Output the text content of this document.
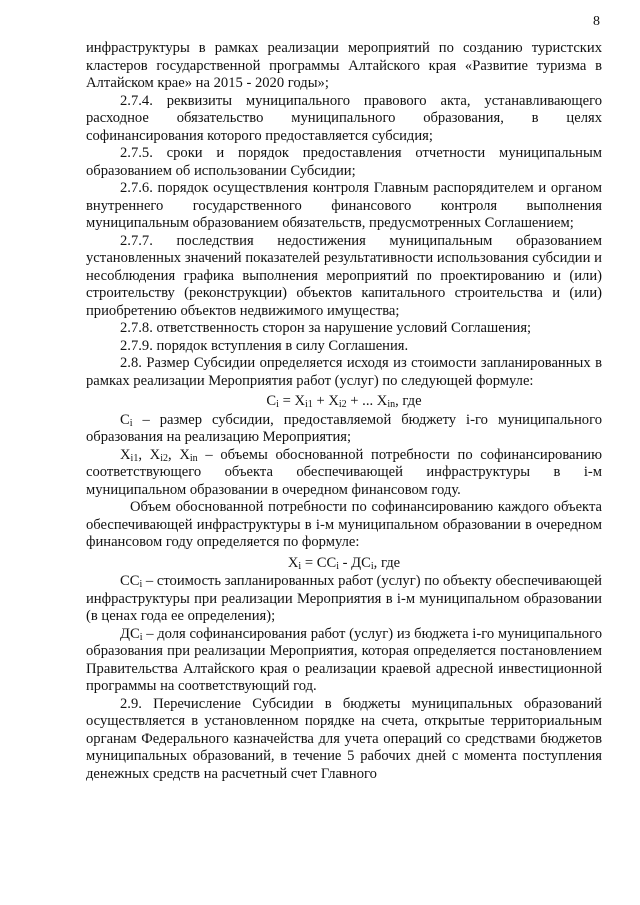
8

инфраструктуры в рамках реализации мероприятий по созданию туристских кластеров государственной программы Алтайского края «Развитие туризма в Алтайском крае» на 2015 - 2020 годы»;

2.7.4. реквизиты муниципального правового акта, устанавливающего расходное обязательство муниципального образования, в целях софинансирования которого предоставляется субсидия;

2.7.5. сроки и порядок предоставления отчетности муниципальным образованием об использовании Субсидии;

2.7.6. порядок осуществления контроля Главным распорядителем и органом внутреннего государственного финансового контроля выполнения муниципальным образованием обязательств, предусмотренных Соглашением;

2.7.7. последствия недостижения муниципальным образованием установленных значений показателей результативности использования субсидии и несоблюдения графика выполнения мероприятий по проектированию и (или) строительству (реконструкции) объектов капитального строительства и (или) приобретению объектов недвижимого имущества;

2.7.8. ответственность сторон за нарушение условий Соглашения;

2.7.9. порядок вступления в силу Соглашения.

2.8. Размер Субсидии определяется исходя из стоимости запланированных в рамках реализации Мероприятия работ (услуг) по следующей формуле:

$C_i = X_{i1} + X_{i2}$ + ... $X_{in}$, где

$C_i$ – размер субсидии, предоставляемой бюджету i-го муниципального образования на реализацию Мероприятия;

$X_{i1}$, $X_{i2}$, $X_{in}$ – объемы обоснованной потребности по софинансированию соответствующего объекта обеспечивающей инфраструктуры в i-м муниципальном образовании в очередном финансовом году.

Объем обоснованной потребности по софинансированию каждого объекта обеспечивающей инфраструктуры в i-м муниципальном образовании в очередном финансовом году определяется по формуле:

$X_i = СС_i - ДС_i$, где

$СС_i$ – стоимость запланированных работ (услуг) по объекту обеспечивающей инфраструктуры при реализации Мероприятия в i-м муниципальном образовании (в ценах года ее определения);

$ДС_i$ – доля софинансирования работ (услуг) из бюджета i-го муниципального образования при реализации Мероприятия, которая определяется постановлением Правительства Алтайского края о реализации краевой адресной инвестиционной программы на соответствующий год.

2.9. Перечисление Субсидии в бюджеты муниципальных образований осуществляется в установленном порядке на счета, открытые территориальным органам Федерального казначейства для учета операций со средствами бюджетов муниципальных образований, в течение 5 рабочих дней с момента поступления денежных средств на расчетный счет Главного
